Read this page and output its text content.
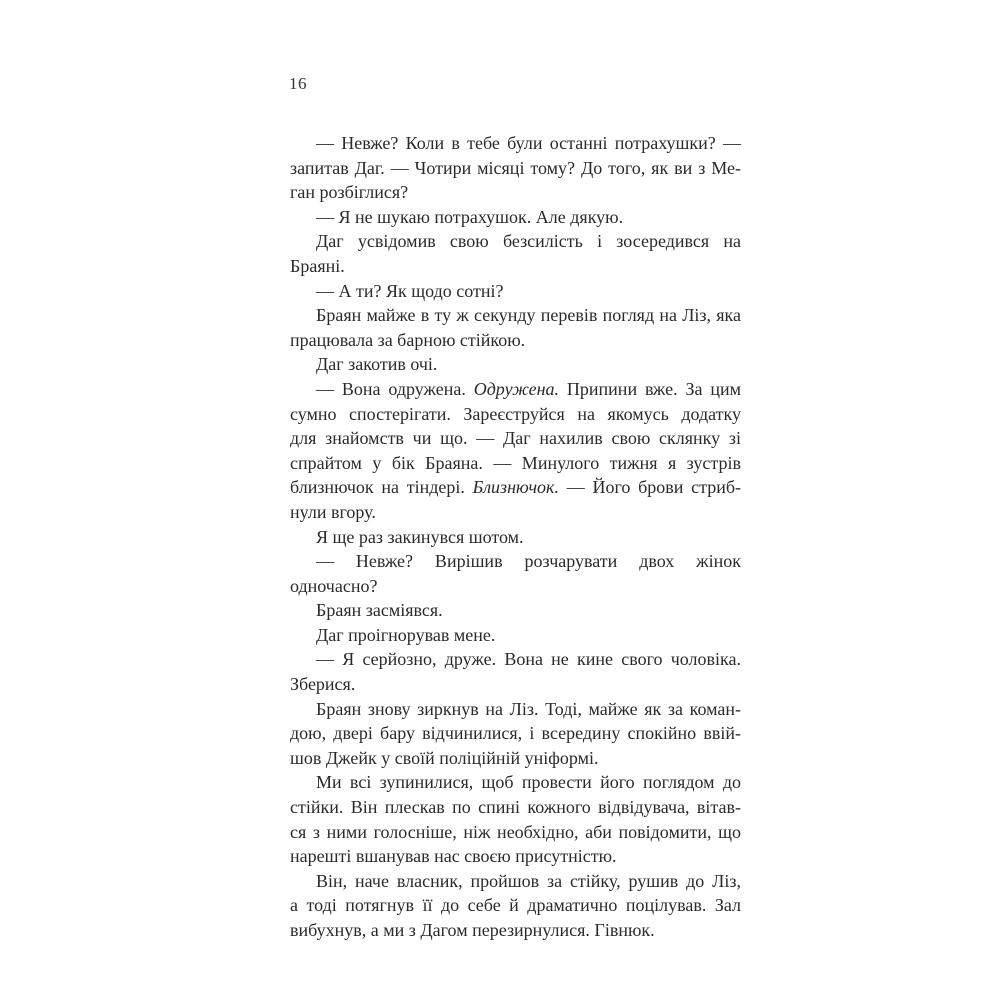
16

— Невже? Коли в тебе були останні потрахушки? —
запитав Даг. — Чотири місяці тому? До того, як ви з Ме-
ган розбіглися?

— Я не шукаю потрахушок. Але дякую.

Даг усвідомив свою безсилість і зосередився на Браяні.

— А ти? Як щодо сотні?

Браян майже в ту ж секунду перевів погляд на Ліз, яка
працювала за барною стійкою.

Даг закотив очі.

— Вона одружена. Одружена. Припини вже. За цим
сумно спостерігати. Зареєструйся на якомусь додатку
для знайомств чи що. — Даг нахилив свою склянку зі
спрайтом у бік Браяна. — Минулого тижня я зустрів
близнючок на тіндері. Близнючок. — Його брови стриб-
нули вгору.

Я ще раз закинувся шотом.

— Невже? Вирішив розчарувати двох жінок одночасно?

Браян засміявся.

Даг проігнорував мене.

— Я серйозно, друже. Вона не кине свого чоловіка.
Зберися.

Браян знову зиркнув на Ліз. Тоді, майже як за коман-
дою, двері бару відчинилися, і всередину спокійно ввій-
шов Джейк у своїй поліційній уніформі.

Ми всі зупинилися, щоб провести його поглядом до
стійки. Він плескав по спині кожного відвідувача, вітав-
ся з ними голосніше, ніж необхідно, аби повідомити, що
нарешті вшанував нас своєю присутністю.

Він, наче власник, пройшов за стійку, рушив до Ліз,
а тоді потягнув її до себе й драматично поцілував. Зал
вибухнув, а ми з Дагом перезирнулися. Гівнюк.
